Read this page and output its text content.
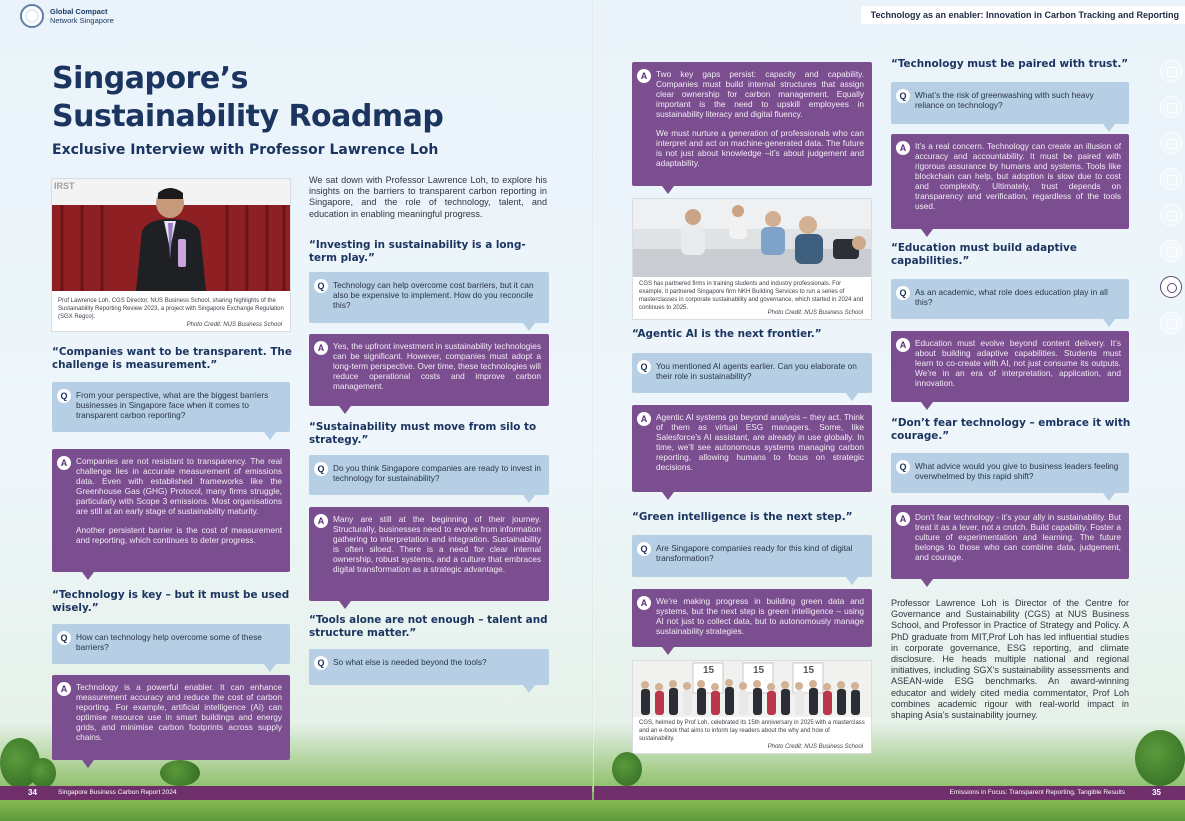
Global Compact
Network Singapore
Technology as an enabler: Innovation in Carbon Tracking and Reporting
Singapore’s Sustainability Roadmap
Exclusive Interview with Professor Lawrence Loh
IRST
Prof Lawrence Loh, CGS Director, NUS Business School, sharing highlights of the Sustainability Reporting Review 2023, a project with Singapore Exchange Regulation (SGX Regco).
Photo Credit: NUS Business School
“Companies want to be transparent. The challenge is measurement.”
Q	From your perspective, what are the biggest barriers businesses in Singapore face when it comes to transparent carbon reporting?
A	Companies are not resistant to transparency. The real challenge lies in accurate measurement of emissions data. Even with established frameworks like the Greenhouse Gas (GHG) Protocol, many firms struggle, particularly with Scope 3 emissions. Most organisations are still at an early stage of sustainability maturity.

Another persistent barrier is the cost of measurement and reporting, which continues to deter progress.

“Technology is key – but it must be used wisely.”
Q	How can technology help overcome some of these barriers?
A	Technology is a powerful enabler. It can enhance measurement accuracy and reduce the cost of carbon reporting. For example, artificial intelligence (AI) can optimise resource use in smart buildings and energy grids, and minimise carbon footprints across supply chains.
We sat down with Professor Lawrence Loh, to explore his insights on the barriers to transparent carbon reporting in Singapore, and the role of technology, talent, and education in enabling meaningful progress.
“Investing in sustainability is a long-term play.”
Q	Technology can help overcome cost barriers, but it can also be expensive to implement. How do you reconcile this?
A	Yes, the upfront investment in sustainability technologies can be significant. However, companies must adopt a long-term perspective. Over time, these technologies will reduce operational costs and improve carbon management.
“Sustainability must move from silo to strategy.”
Q	Do you think Singapore companies are ready to invest in technology for sustainability?
A	Many are still at the beginning of their journey. Structurally, businesses need to evolve from information gathering to interpretation and integration. Sustainability is often siloed. There is a need for clear internal ownership, robust systems, and a culture that embraces digital transformation as a strategic advantage.
“Tools alone are not enough – talent and structure matter.”
Q	So what else is needed beyond the tools?
A	Two key gaps persist: capacity and capability. Companies must build internal structures that assign clear ownership for carbon management. Equally important is the need to upskill employees in sustainability literacy and digital fluency.

We must nurture a generation of professionals who can interpret and act on machine-generated data. The future is not just about knowledge –it’s about judgement and adaptability.

CGS has partnered firms in training students and industry professionals. For example, it partnered Singapore firm NKH Building Services to run a series of masterclasses in corporate sustainability and governance, which started in 2024 and continues to 2025.
Photo Credit: NUS Business School
“Agentic AI is the next frontier.”
Q	You mentioned AI agents earlier. Can you elaborate on their role in sustainability?
A	Agentic AI systems go beyond analysis – they act. Think of them as virtual ESG managers. Some, like Salesforce’s AI assistant, are already in use globally. In time, we’ll see autonomous systems managing carbon reporting, allowing humans to focus on strategic decisions.
“Green intelligence is the next step.”
Q	Are Singapore companies ready for this kind of digital transformation?
A	We’re making progress in building green data and systems, but the next step is green intelligence – using AI not just to collect data, but to autonomously manage sustainability strategies.
15	15	15
CGS, helmed by Prof Loh, celebrated its 15th anniversary in 2025 with a masterclass and an e-book that aims to inform lay readers about the why and how of sustainability.
Photo Credit: NUS Business School
“Technology must be paired with trust.”
Q	What’s the risk of greenwashing with such heavy reliance on technology?
A	It’s a real concern. Technology can create an illusion of accuracy and accountability. It must be paired with rigorous assurance by humans and systems. Tools like blockchain can help, but adoption is slow due to cost and complexity. Ultimately, trust depends on transparency and verification, regardless of the tools used.
“Education must build adaptive capabilities.”
Q	As an academic, what role does education play in all this?
A	Education must evolve beyond content delivery. It’s about building adaptive capabilities. Students must learn to co-create with AI, not just consume its outputs. We’re in an era of interpretation, application, and innovation.
“Don’t fear technology – embrace it with courage.”
Q	What advice would you give to business leaders feeling overwhelmed by this rapid shift?
A	Don’t fear technology - it’s your ally in sustainability. But treat it as a lever, not a crutch. Build capability. Foster a culture of experimentation and learning. The future belongs to those who can combine data, judgement, and courage.
Professor Lawrence Loh is Director of the Centre for Governance and Sustainability (CGS) at NUS Business School, and Professor in Practice of Strategy and Policy. A PhD graduate from MIT,Prof Loh has led influential studies in corporate governance, ESG reporting, and climate disclosure. He heads multiple national and regional initiatives, including SGX’s sustainability assessments and ASEAN-wide ESG benchmarks. An award-winning educator and widely cited media commentator, Prof Loh combines academic rigour with real-world impact in shaping Asia’s sustainability journey.
34	Singapore Business Carbon Report 2024	Emissions in Focus: Transparent Reporting, Tangible Results	35
